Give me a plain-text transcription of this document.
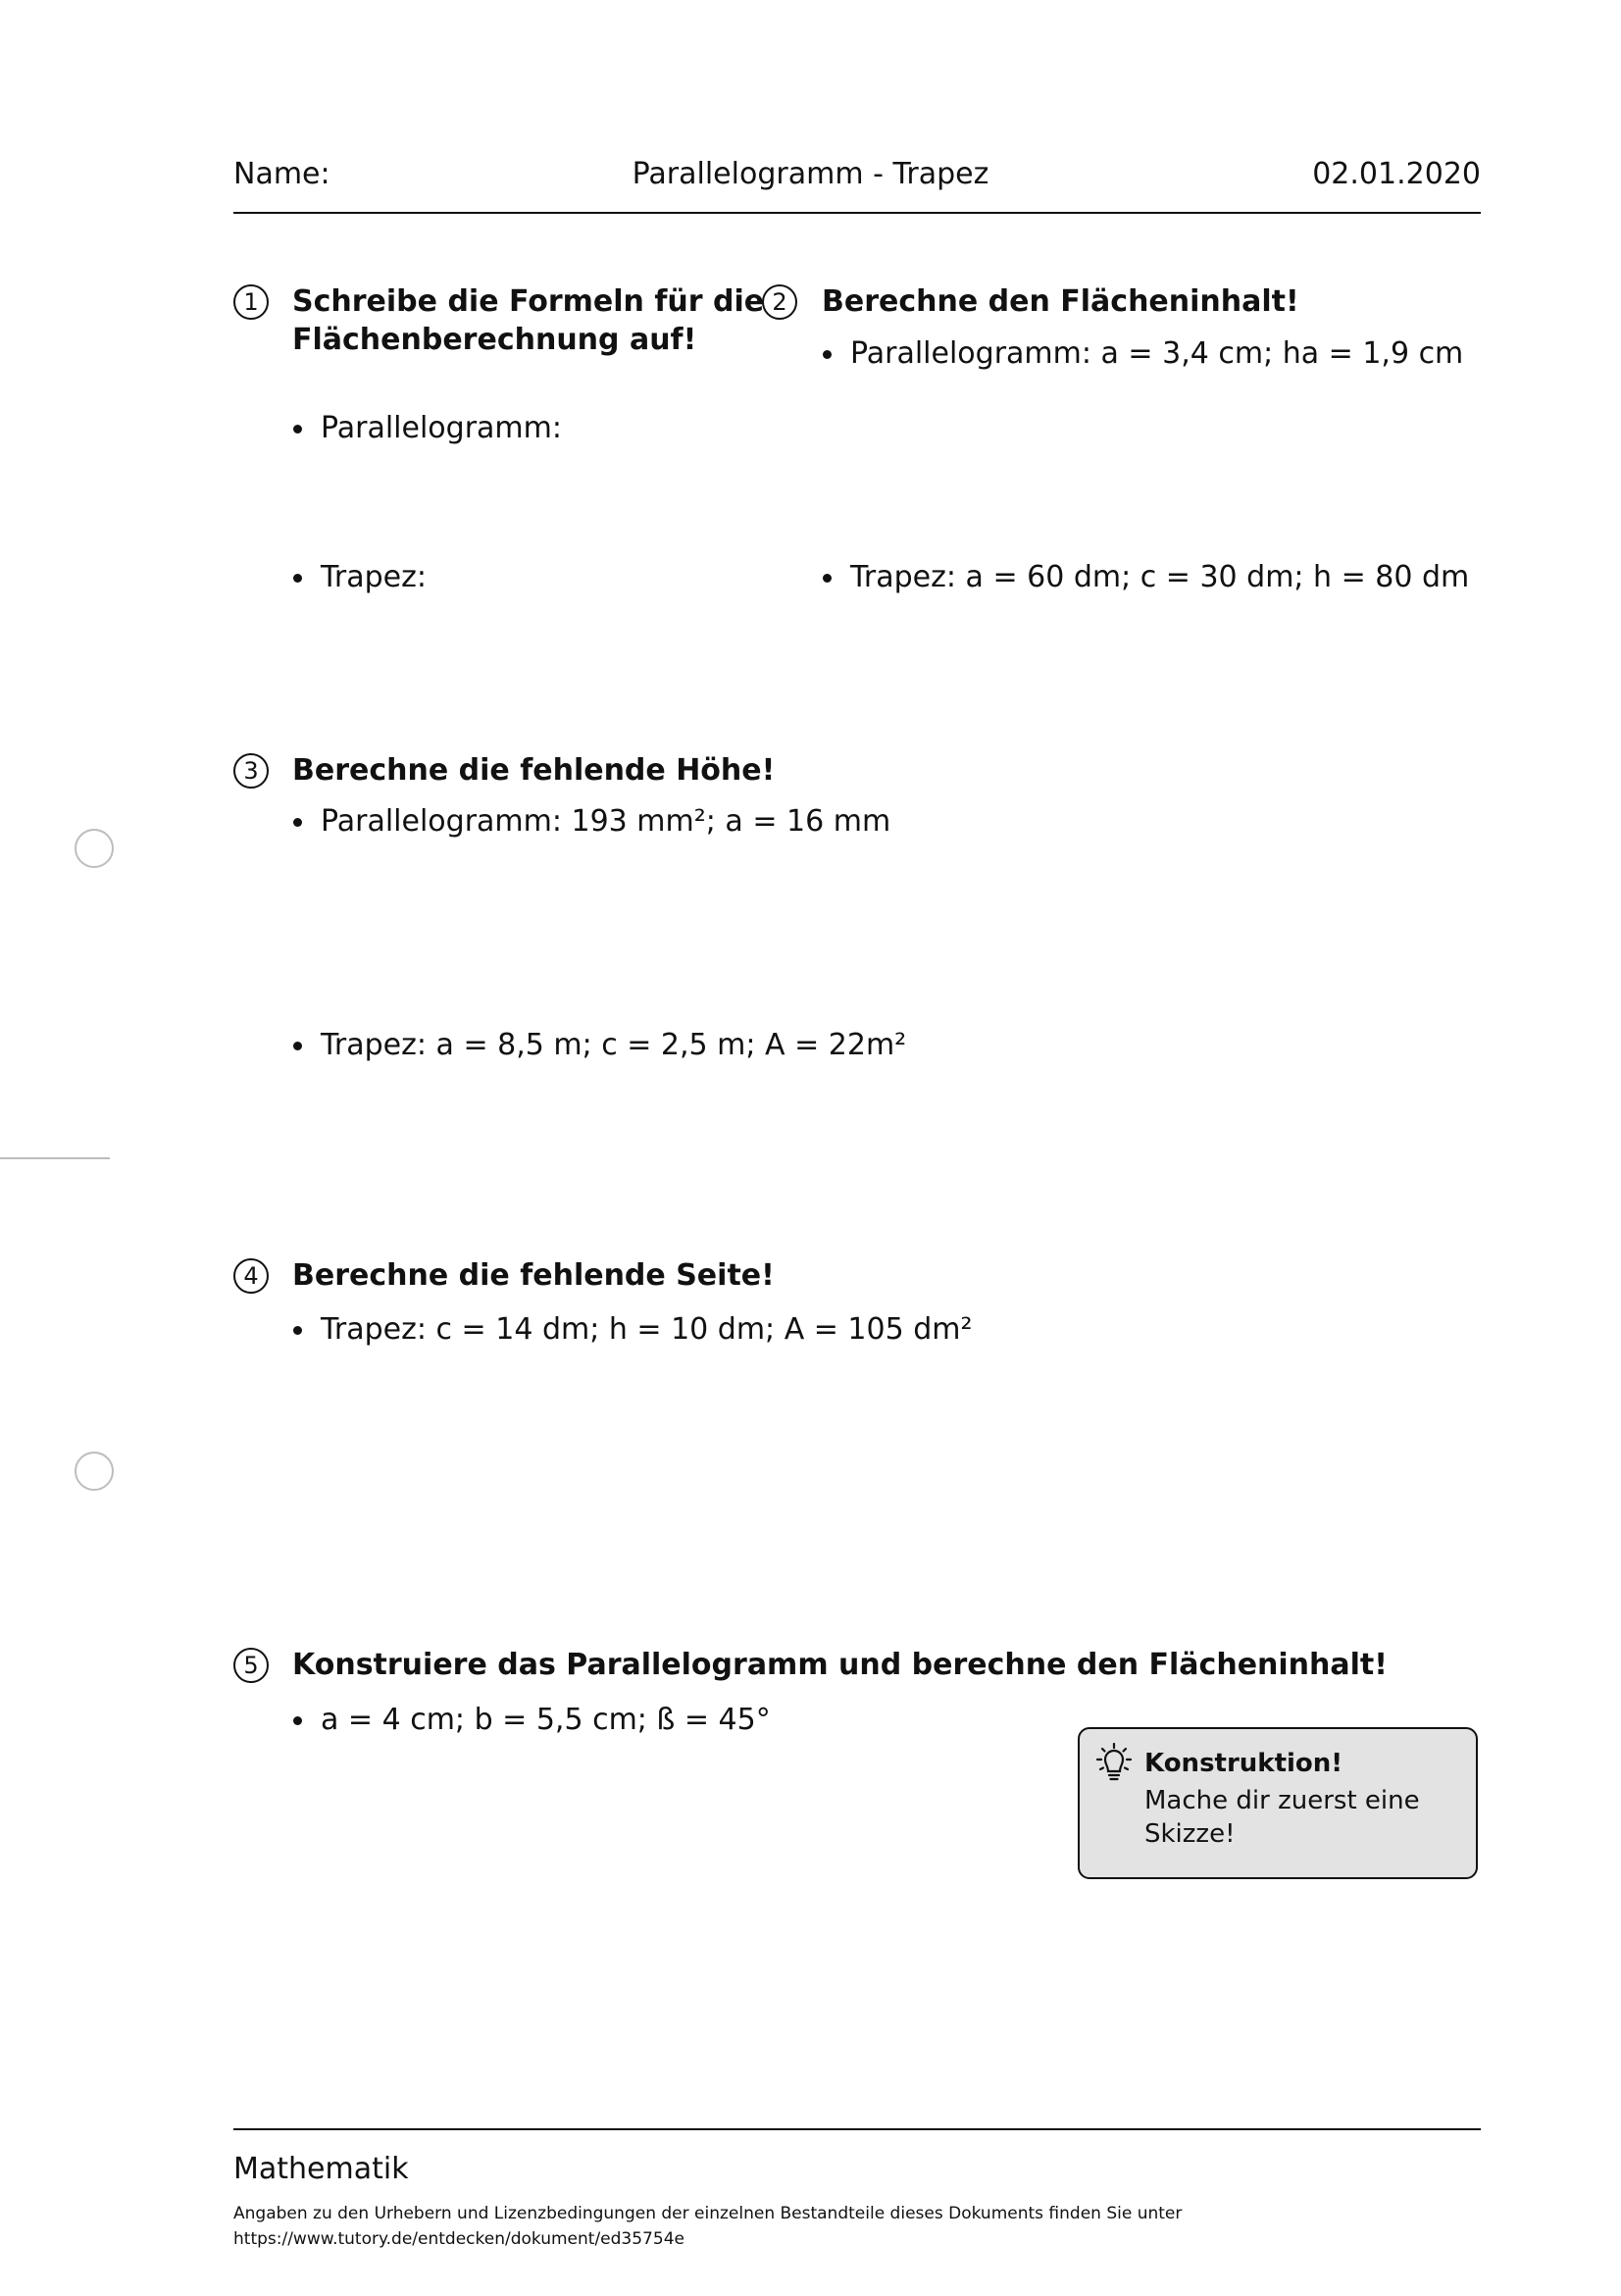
Name:	Parallelogramm - Trapez	02.01.2020
1	Schreibe die Formeln für die
Flächenberechnung auf!
Parallelogramm:
Trapez:
2	Berechne den Flächeninhalt!
Parallelogramm: a = 3,4 cm; ha = 1,9 cm
Trapez: a = 60 dm; c = 30 dm; h = 80 dm
3	Berechne die fehlende Höhe!
Parallelogramm: 193 mm²; a = 16 mm
Trapez: a = 8,5 m; c = 2,5 m; A = 22m²
4	Berechne die fehlende Seite!
Trapez: c = 14 dm; h = 10 dm; A = 105 dm²
5	Konstruiere das Parallelogramm und berechne den Flächeninhalt!
a = 4 cm; b = 5,5 cm; ß = 45°
Konstruktion!
Mache dir zuerst eine Skizze!
Mathematik
Angaben zu den Urhebern und Lizenzbedingungen der einzelnen Bestandteile dieses Dokuments finden Sie unter
https://www.tutory.de/entdecken/dokument/ed35754e
